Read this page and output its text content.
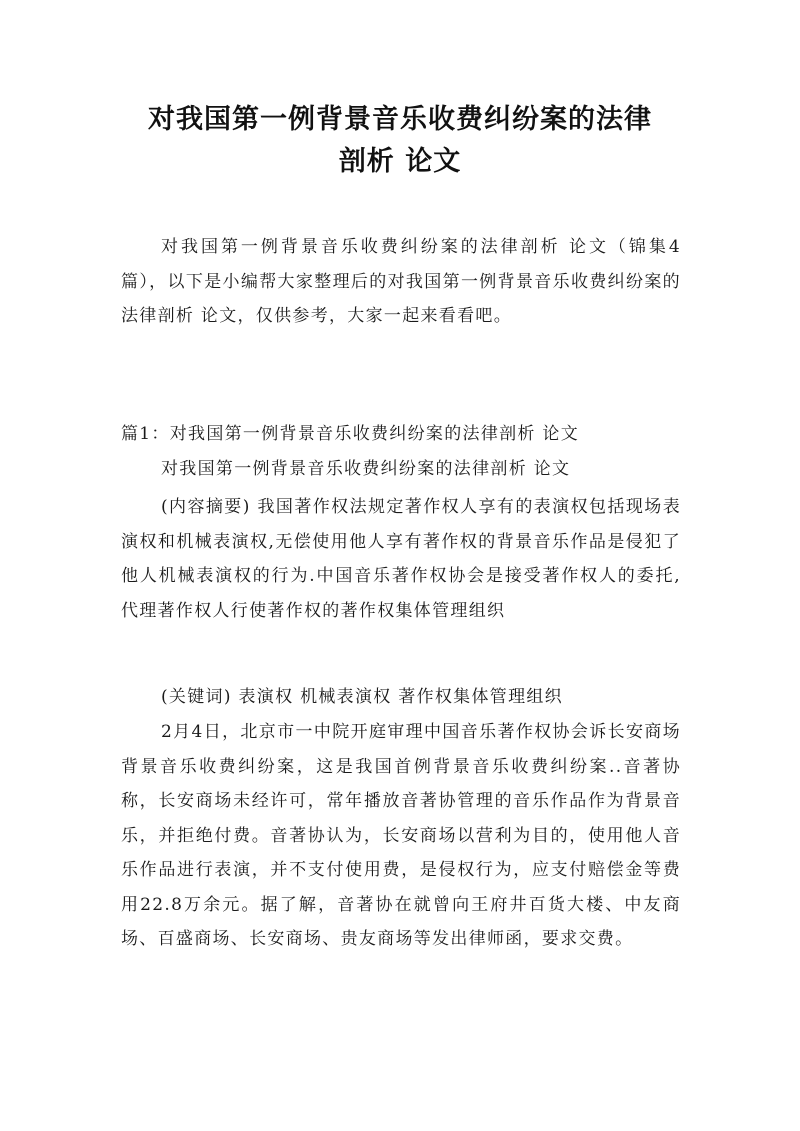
对我国第一例背景音乐收费纠纷案的法律
剖析 论文

对我国第一例背景音乐收费纠纷案的法律剖析 论文（锦集4篇），以下是小编帮大家整理后的对我国第一例背景音乐收费纠纷案的法律剖析 论文，仅供参考，大家一起来看看吧。

篇1：对我国第一例背景音乐收费纠纷案的法律剖析 论文

对我国第一例背景音乐收费纠纷案的法律剖析 论文

(内容摘要) 我国著作权法规定著作权人享有的表演权包括现场表演权和机械表演权,无偿使用他人享有著作权的背景音乐作品是侵犯了他人机械表演权的行为.中国音乐著作权协会是接受著作权人的委托,代理著作权人行使著作权的著作权集体管理组织

(关键词) 表演权 机械表演权 著作权集体管理组织

2月4日，北京市一中院开庭审理中国音乐著作权协会诉长安商场背景音乐收费纠纷案，这是我国首例背景音乐收费纠纷案..音著协称，长安商场未经许可，常年播放音著协管理的音乐作品作为背景音乐，并拒绝付费。音著协认为，长安商场以营利为目的，使用他人音乐作品进行表演，并不支付使用费，是侵权行为，应支付赔偿金等费用22.8万余元。据了解，音著协在就曾向王府井百货大楼、中友商场、百盛商场、长安商场、贵友商场等发出律师函，要求交费。
